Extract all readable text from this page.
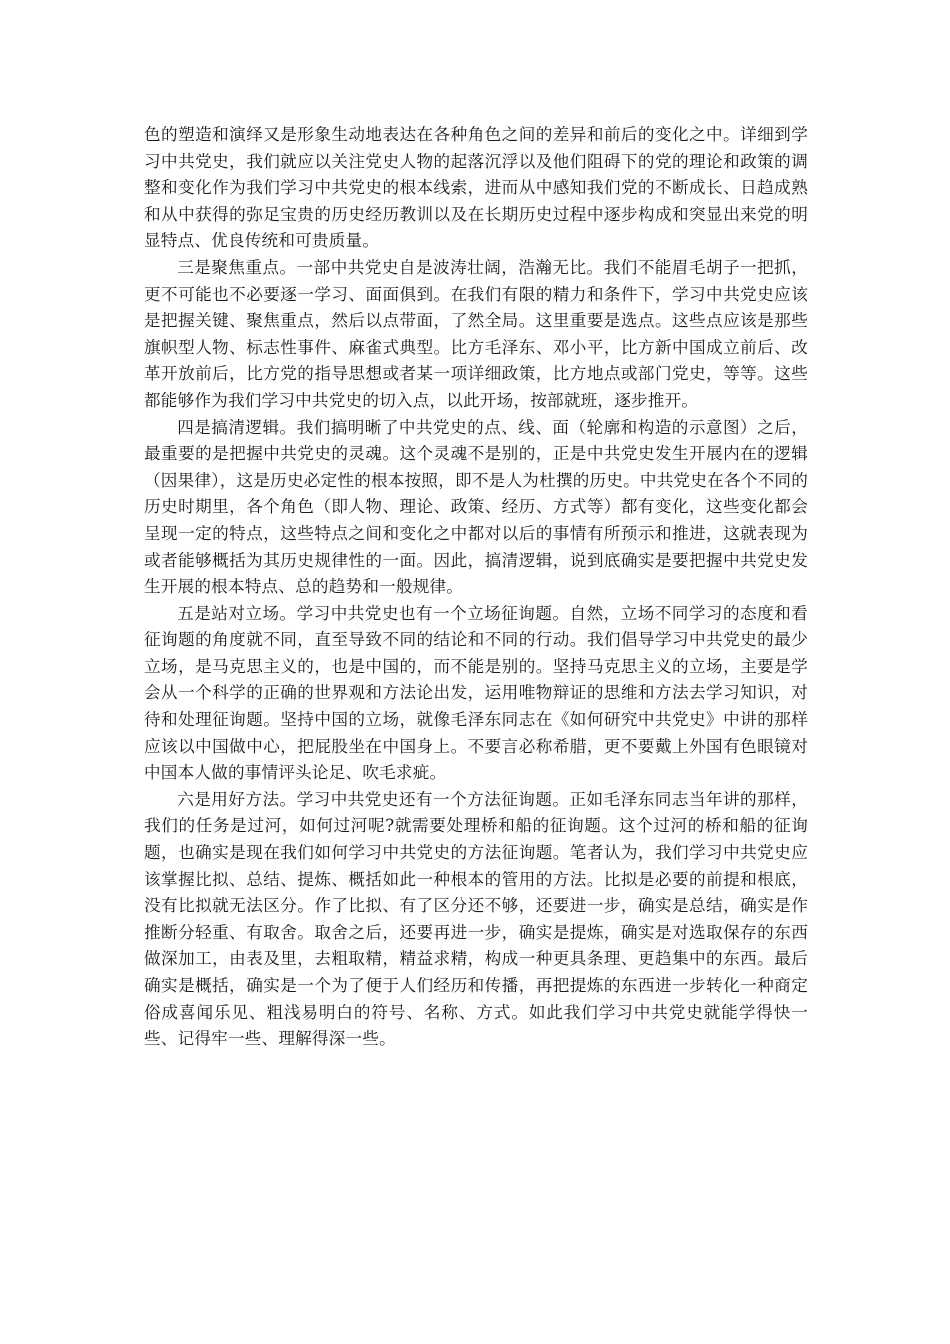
色的塑造和演绎又是形象生动地表达在各种角色之间的差异和前后的变化之中。详细到学习中共党史，我们就应以关注党史人物的起落沉浮以及他们阻碍下的党的理论和政策的调整和变化作为我们学习中共党史的根本线索，进而从中感知我们党的不断成长、日趋成熟和从中获得的弥足宝贵的历史经历教训以及在长期历史过程中逐步构成和突显出来党的明显特点、优良传统和可贵质量。

三是聚焦重点。一部中共党史自是波涛壮阔，浩瀚无比。我们不能眉毛胡子一把抓，更不可能也不必要逐一学习、面面俱到。在我们有限的精力和条件下，学习中共党史应该是把握关键、聚焦重点，然后以点带面，了然全局。这里重要是选点。这些点应该是那些旗帜型人物、标志性事件、麻雀式典型。比方毛泽东、邓小平，比方新中国成立前后、改革开放前后，比方党的指导思想或者某一项详细政策，比方地点或部门党史，等等。这些都能够作为我们学习中共党史的切入点，以此开场，按部就班，逐步推开。

四是搞清逻辑。我们搞明晰了中共党史的点、线、面（轮廓和构造的示意图）之后，最重要的是把握中共党史的灵魂。这个灵魂不是别的，正是中共党史发生开展内在的逻辑（因果律），这是历史必定性的根本按照，即不是人为杜撰的历史。中共党史在各个不同的历史时期里，各个角色（即人物、理论、政策、经历、方式等）都有变化，这些变化都会呈现一定的特点，这些特点之间和变化之中都对以后的事情有所预示和推进，这就表现为或者能够概括为其历史规律性的一面。因此，搞清逻辑，说到底确实是要把握中共党史发生开展的根本特点、总的趋势和一般规律。

五是站对立场。学习中共党史也有一个立场征询题。自然，立场不同学习的态度和看征询题的角度就不同，直至导致不同的结论和不同的行动。我们倡导学习中共党史的最少立场，是马克思主义的，也是中国的，而不能是别的。坚持马克思主义的立场，主要是学会从一个科学的正确的世界观和方法论出发，运用唯物辩证的思维和方法去学习知识，对待和处理征询题。坚持中国的立场，就像毛泽东同志在《如何研究中共党史》中讲的那样应该以中国做中心，把屁股坐在中国身上。不要言必称希腊，更不要戴上外国有色眼镜对中国本人做的事情评头论足、吹毛求疵。

六是用好方法。学习中共党史还有一个方法征询题。正如毛泽东同志当年讲的那样，我们的任务是过河，如何过河呢?就需要处理桥和船的征询题。这个过河的桥和船的征询题，也确实是现在我们如何学习中共党史的方法征询题。笔者认为，我们学习中共党史应该掌握比拟、总结、提炼、概括如此一种根本的管用的方法。比拟是必要的前提和根底，没有比拟就无法区分。作了比拟、有了区分还不够，还要进一步，确实是总结，确实是作推断分轻重、有取舍。取舍之后，还要再进一步，确实是提炼，确实是对选取保存的东西做深加工，由表及里，去粗取精，精益求精，构成一种更具条理、更趋集中的东西。最后确实是概括，确实是一个为了便于人们经历和传播，再把提炼的东西进一步转化一种商定俗成喜闻乐见、粗浅易明白的符号、名称、方式。如此我们学习中共党史就能学得快一些、记得牢一些、理解得深一些。
